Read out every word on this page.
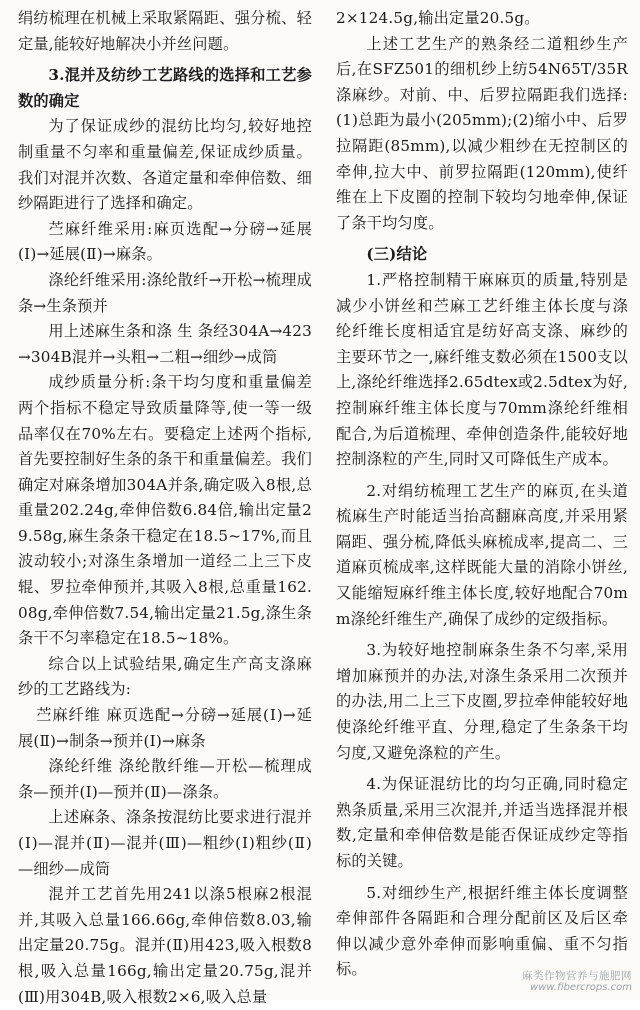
绢纺梳理在机械上采取紧隔距、强分梳、轻定量,能较好地解决小并丝问题。

3.混并及纺纱工艺路线的选择和工艺参数的确定

为了保证成纱的混纺比均匀,较好地控制重量不匀率和重量偏差,保证成纱质量。我们对混并次数、各道定量和牵伸倍数、细纱隔距进行了选择和确定。

苎麻纤维采用:麻页选配→分磅→延展(Ⅰ)→延展(Ⅱ)→麻条。

涤纶纤维采用:涤纶散纤→开松→梳理成条→生条预并

用上述麻生条和涤 生 条经304A→423→304B混并→头粗→二粗→细纱→成筒

成纱质量分析:条干均匀度和重量偏差两个指标不稳定导致质量降等,使一等一级品率仅在70%左右。要稳定上述两个指标,首先要控制好生条的条干和重量偏差。我们确定对麻条增加304A并条,确定吸入8根,总重量202.24g,牵伸倍数6.84倍,输出定量29.58g,麻生条条干稳定在18.5~17%,而且波动较小;对涤生条增加一道经二上三下皮辊、罗拉牵伸预并,其吸入8根,总重量162.08g,牵伸倍数7.54,输出定量21.5g,涤生条条干不匀率稳定在18.5~18%。

综合以上试验结果,确定生产高支涤麻纱的工艺路线为:

苎麻纤维 麻页选配→分磅→延展(Ⅰ)→延展(Ⅱ)→制条→预并(Ⅰ)→麻条

涤纶纤维 涤纶散纤维—开松—梳理成条—预并(Ⅰ)—预并(Ⅱ)—涤条。

上述麻条、涤条按混纺比要求进行混并(Ⅰ)—混并(Ⅱ)—混并(Ⅲ)—粗纱(Ⅰ)粗纱(Ⅱ)—细纱—成筒

混并工艺首先用241以涤5根麻2根混并,其吸入总量166.66g,牵伸倍数8.03,输出定量20.75g。混并(Ⅱ)用423,吸入根数8根,吸入总量166g,输出定量20.75g,混并(Ⅲ)用304B,吸入根数2×6,吸入总量

2×124.5g,输出定量20.5g。

上述工艺生产的熟条经二道粗纱生产后,在SFZ501的细机纱上纺54N65T/35R涤麻纱。对前、中、后罗拉隔距我们选择:(1)总距为最小(205mm);(2)缩小中、后罗拉隔距(85mm),以减少粗纱在无控制区的牵伸,拉大中、前罗拉隔距(120mm),使纤维在上下皮圈的控制下较均匀地牵伸,保证了条干均匀度。

(三)结论

1.严格控制精干麻麻页的质量,特别是减少小饼丝和苎麻工艺纤维主体长度与涤纶纤维长度相适宜是纺好高支涤、麻纱的主要环节之一,麻纤维支数必须在1500支以上,涤纶纤维选择2.65dtex或2.5dtex为好,控制麻纤维主体长度与70mm涤纶纤维相配合,为后道梳理、牵伸创造条件,能较好地控制涤粒的产生,同时又可降低生产成本。

2.对绢纺梳理工艺生产的麻页,在头道梳麻生产时能适当抬高翻麻高度,并采用紧隔距、强分梳,降低头麻梳成率,提高二、三道麻页梳成率,这样既能大量的消除小饼丝,又能缩短麻纤维主体长度,较好地配合70mm涤纶纤维生产,确保了成纱的定级指标。

3.为较好地控制麻条生条不匀率,采用增加麻预并的办法,对涤生条采用二次预并的办法,用二上三下皮圈,罗拉牵伸能较好地使涤纶纤维平直、分理,稳定了生条条干均匀度,又避免涤粒的产生。

4.为保证混纺比的均匀正确,同时稳定熟条质量,采用三次混并,并适当选择混并根数,定量和牵伸倍数是能否保证成纱定等指标的关键。

5.对细纱生产,根据纤维主体长度调整牵伸部件各隔距和合理分配前区及后区牵伸以减少意外牵伸而影响重偏、重不匀指标。	麻类作物营养与施肥网
www.fibercrops.com
